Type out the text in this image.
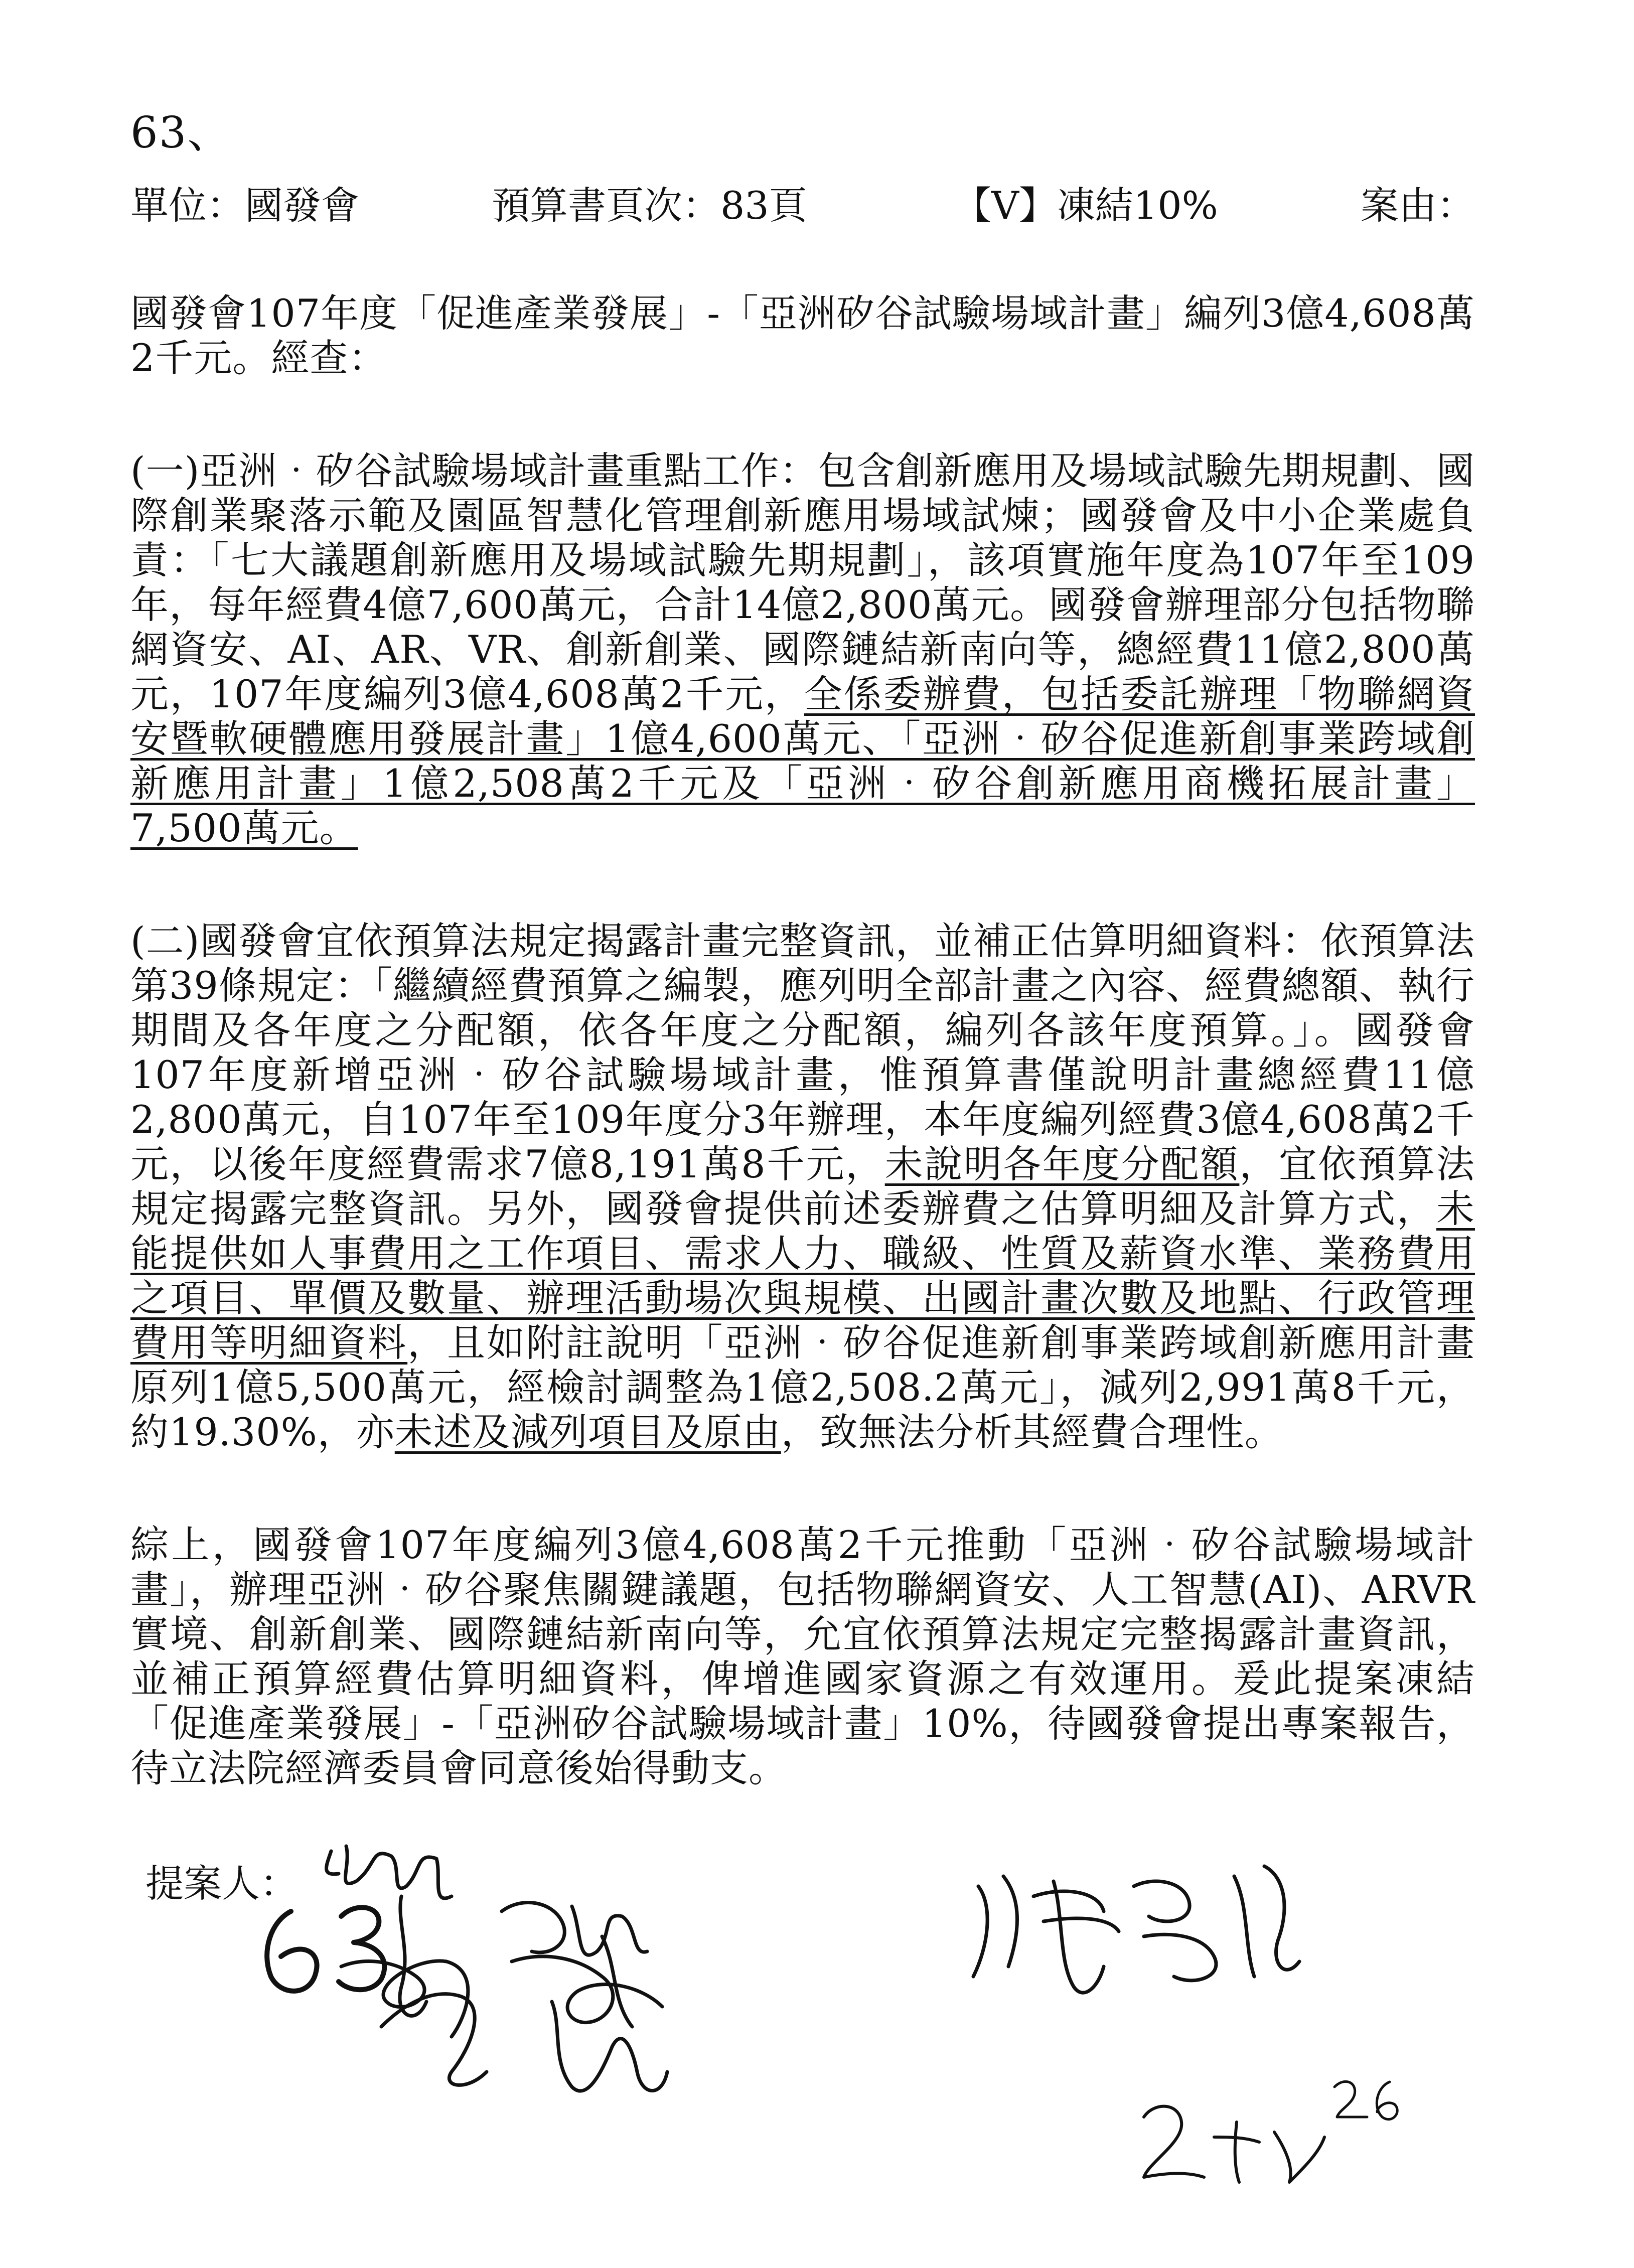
63、
單位：國發會	預算書頁次：83頁	【V】凍結10%	案由：

國發會107年度「促進產業發展」-「亞洲矽谷試驗場域計畫」編列3億4,608萬2千元。經查：

(一)亞洲‧矽谷試驗場域計畫重點工作：包含創新應用及場域試驗先期規劃、國際創業聚落示範及園區智慧化管理創新應用場域試煉；國發會及中小企業處負責：「七大議題創新應用及場域試驗先期規劃」，該項實施年度為107年至109年，每年經費4億7,600萬元，合計14億2,800萬元。國發會辦理部分包括物聯網資安、AI、AR、VR、創新創業、國際鏈結新南向等，總經費11億2,800萬元，107年度編列3億4,608萬2千元，全係委辦費，包括委託辦理「物聯網資安暨軟硬體應用發展計畫」1億4,600萬元、「亞洲‧矽谷促進新創事業跨域創新應用計畫」1億2,508萬2千元及「亞洲‧矽谷創新應用商機拓展計畫」7,500萬元。

(二)國發會宜依預算法規定揭露計畫完整資訊，並補正估算明細資料：依預算法第39條規定：「繼續經費預算之編製，應列明全部計畫之內容、經費總額、執行期間及各年度之分配額，依各年度之分配額，編列各該年度預算。」。國發會107年度新增亞洲‧矽谷試驗場域計畫，惟預算書僅說明計畫總經費11億2,800萬元，自107年至109年度分3年辦理，本年度編列經費3億4,608萬2千元，以後年度經費需求7億8,191萬8千元，未說明各年度分配額，宜依預算法規定揭露完整資訊。另外，國發會提供前述委辦費之估算明細及計算方式，未能提供如人事費用之工作項目、需求人力、職級、性質及薪資水準、業務費用之項目、單價及數量、辦理活動場次與規模、出國計畫次數及地點、行政管理費用等明細資料，且如附註說明「亞洲‧矽谷促進新創事業跨域創新應用計畫原列1億5,500萬元，經檢討調整為1億2,508.2萬元」，減列2,991萬8千元，約19.30%，亦未述及減列項目及原由，致無法分析其經費合理性。

綜上，國發會107年度編列3億4,608萬2千元推動「亞洲‧矽谷試驗場域計畫」，辦理亞洲‧矽谷聚焦關鍵議題，包括物聯網資安、人工智慧(AI)、ARVR實境、創新創業、國際鏈結新南向等，允宜依預算法規定完整揭露計畫資訊，並補正預算經費估算明細資料，俾增進國家資源之有效運用。爰此提案凍結「促進產業發展」-「亞洲矽谷試驗場域計畫」10%，待國發會提出專案報告，待立法院經濟委員會同意後始得動支。

提案人：
